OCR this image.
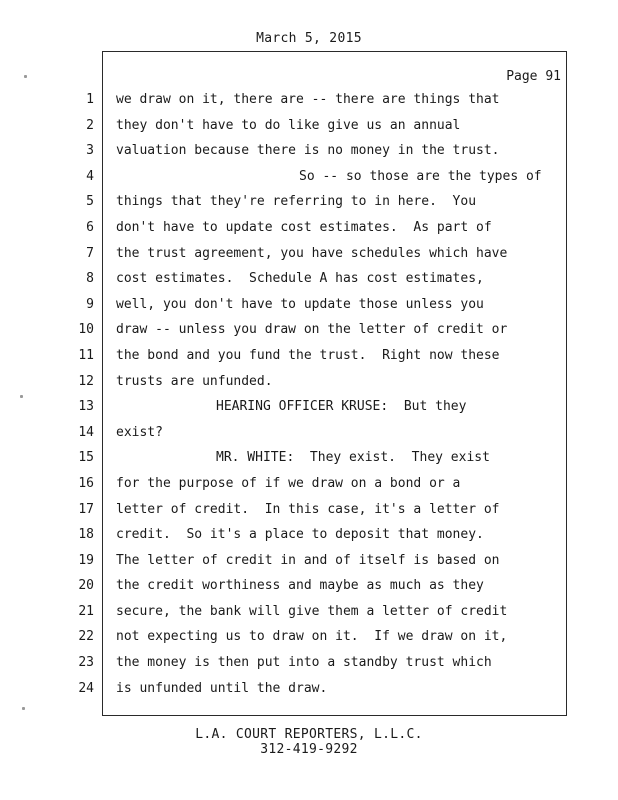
March 5, 2015
Page 91
1 we draw on it, there are -- there are things that
2 they don't have to do like give us an annual
3 valuation because there is no money in the trust.
4	So -- so those are the types of
5 things that they're referring to in here.  You
6 don't have to update cost estimates.  As part of
7 the trust agreement, you have schedules which have
8 cost estimates.  Schedule A has cost estimates,
9 well, you don't have to update those unless you
10 draw -- unless you draw on the letter of credit or
11 the bond and you fund the trust.  Right now these
12 trusts are unfunded.
13	HEARING OFFICER KRUSE:  But they
14 exist?
15	MR. WHITE:  They exist.  They exist
16 for the purpose of if we draw on a bond or a
17 letter of credit.  In this case, it's a letter of
18 credit.  So it's a place to deposit that money.
19 The letter of credit in and of itself is based on
20 the credit worthiness and maybe as much as they
21 secure, the bank will give them a letter of credit
22 not expecting us to draw on it.  If we draw on it,
23 the money is then put into a standby trust which
24 is unfunded until the draw.
L.A. COURT REPORTERS, L.L.C.
312-419-9292
